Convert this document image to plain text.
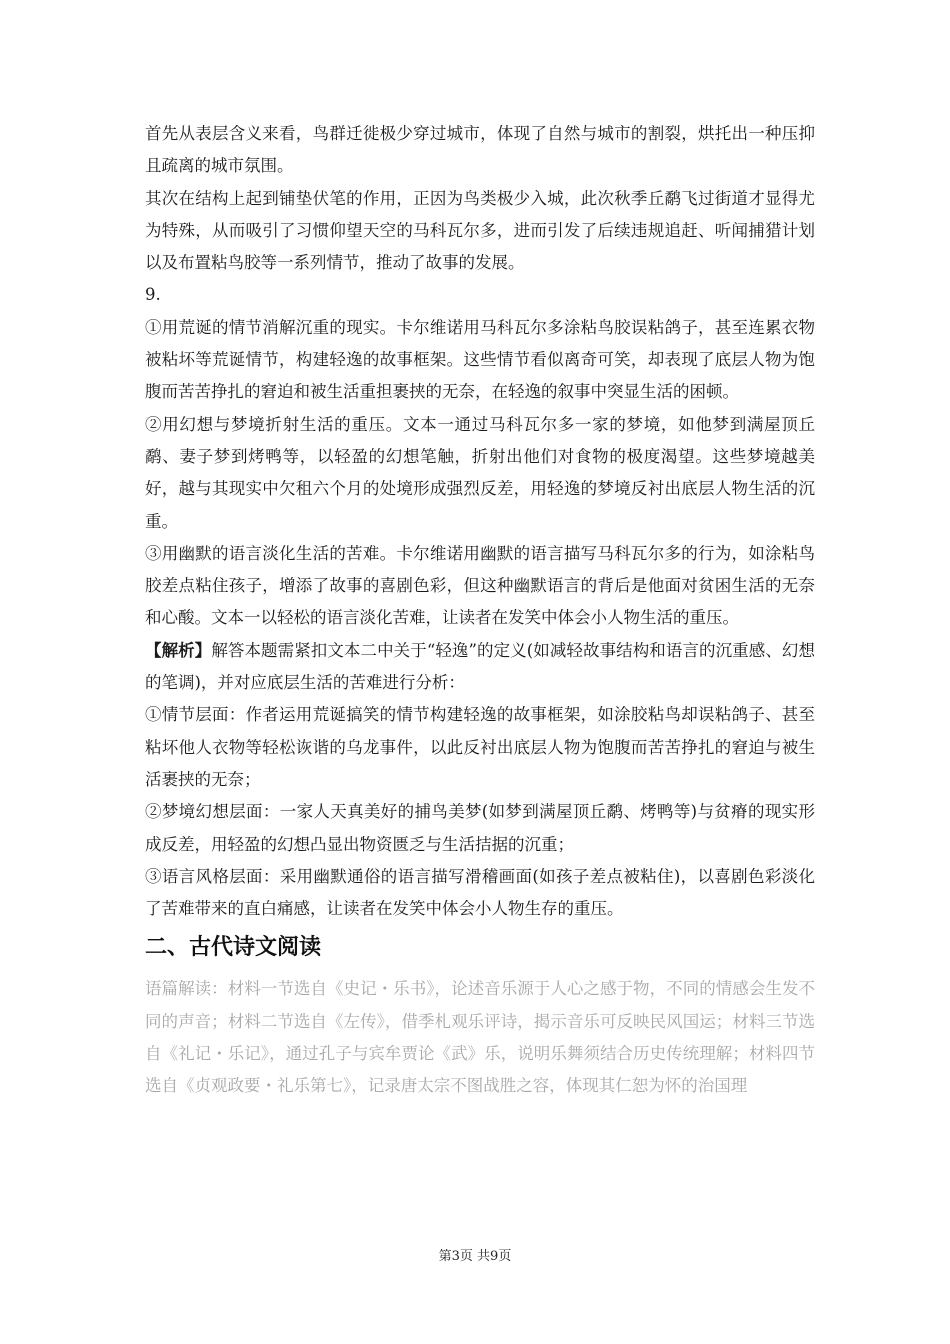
首先从表层含义来看，鸟群迁徙极少穿过城市，体现了自然与城市的割裂，烘托出一种压抑且疏离的城市氛围。

其次在结构上起到铺垫伏笔的作用，正因为鸟类极少入城，此次秋季丘鹬飞过街道才显得尤为特殊，从而吸引了习惯仰望天空的马科瓦尔多，进而引发了后续违规追赶、听闻捕猎计划以及布置粘鸟胶等一系列情节，推动了故事的发展。

9.

①用荒诞的情节消解沉重的现实。卡尔维诺用马科瓦尔多涂粘鸟胶误粘鸽子，甚至连累衣物被粘坏等荒诞情节，构建轻逸的故事框架。这些情节看似离奇可笑，却表现了底层人物为饱腹而苦苦挣扎的窘迫和被生活重担裹挟的无奈，在轻逸的叙事中突显生活的困顿。

②用幻想与梦境折射生活的重压。文本一通过马科瓦尔多一家的梦境，如他梦到满屋顶丘鹬、妻子梦到烤鸭等，以轻盈的幻想笔触，折射出他们对食物的极度渴望。这些梦境越美好，越与其现实中欠租六个月的处境形成强烈反差，用轻逸的梦境反衬出底层人物生活的沉重。

③用幽默的语言淡化生活的苦难。卡尔维诺用幽默的语言描写马科瓦尔多的行为，如涂粘鸟胶差点粘住孩子，增添了故事的喜剧色彩，但这种幽默语言的背后是他面对贫困生活的无奈和心酸。文本一以轻松的语言淡化苦难，让读者在发笑中体会小人物生活的重压。

【解析】解答本题需紧扣文本二中关于“轻逸”的定义(如减轻故事结构和语言的沉重感、幻想的笔调)，并对应底层生活的苦难进行分析：

①情节层面：作者运用荒诞搞笑的情节构建轻逸的故事框架，如涂胶粘鸟却误粘鸽子、甚至粘坏他人衣物等轻松诙谐的乌龙事件，以此反衬出底层人物为饱腹而苦苦挣扎的窘迫与被生活裹挟的无奈；

②梦境幻想层面：一家人天真美好的捕鸟美梦(如梦到满屋顶丘鹬、烤鸭等)与贫瘠的现实形成反差，用轻盈的幻想凸显出物资匮乏与生活拮据的沉重；

③语言风格层面：采用幽默通俗的语言描写滑稽画面(如孩子差点被粘住)，以喜剧色彩淡化了苦难带来的直白痛感，让读者在发笑中体会小人物生存的重压。

二、古代诗文阅读

语篇解读：材料一节选自《史记・乐书》，论述音乐源于人心之感于物，不同的情感会生发不同的声音；材料二节选自《左传》，借季札观乐评诗，揭示音乐可反映民风国运；材料三节选自《礼记・乐记》，通过孔子与宾牟贾论《武》乐，说明乐舞须结合历史传统理解；材料四节选自《贞观政要・礼乐第七》，记录唐太宗不图战胜之容，体现其仁恕为怀的治国理

第3页 共9页
